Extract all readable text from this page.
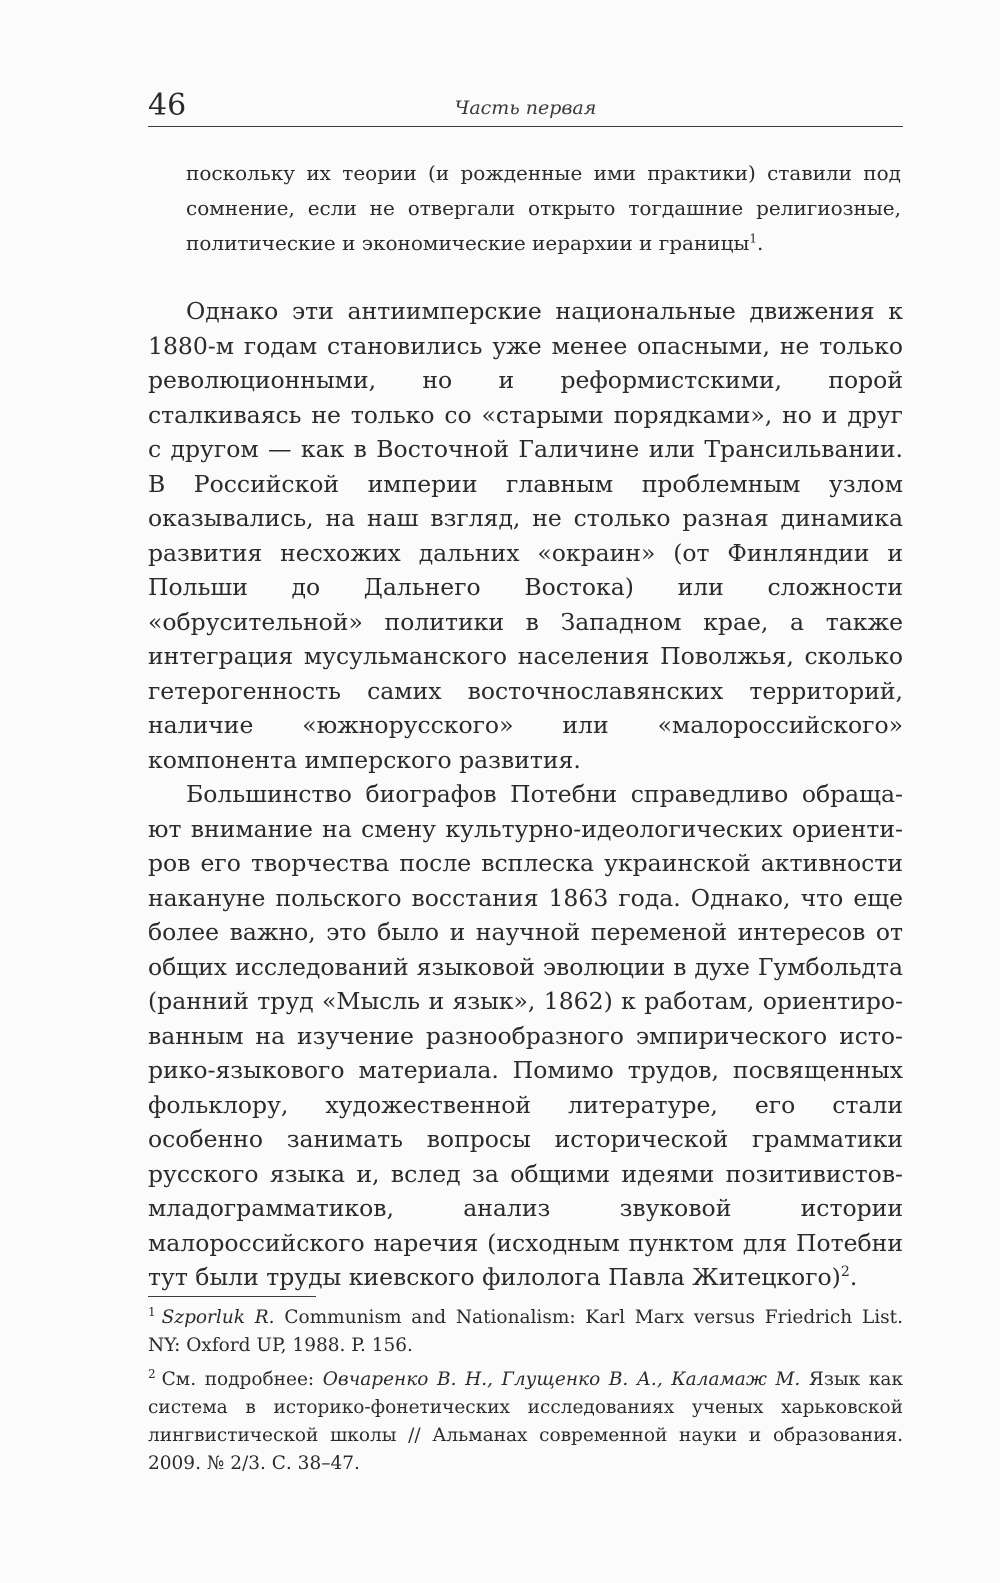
46	Часть первая
поскольку их теории (и рожденные ими практики) ставили под сомнение, если не отвергали открыто тогдашние религиозные, политические и экономические иерархии и границы$^1$.

Однако эти антиимперские национальные движения к 1880-м годам становились уже менее опасными, не только революционными, но и реформистскими, порой сталкиваясь не только со «старыми порядками», но и друг с другом — как в Восточной Галичине или Трансильвании. В Российской империи главным проблемным узлом оказывались, на наш взгляд, не столько разная динамика развития несхожих дальних «окраин» (от Финляндии и Польши до Дальнего Востока) или сложности «обрусительной» политики в Западном крае, а также интеграция мусульманского населения Поволжья, сколько гетерогенность самих восточнославянских территорий, наличие «южнорусского» или «малороссийского» компонента имперского развития.

Большинство биографов Потебни справедливо обращают внимание на смену культурно-идеологических ориентиров его творчества после всплеска украинской активности накануне польского восстания 1863 года. Однако, что еще более важно, это было и научной переменой интересов от общих исследований языковой эволюции в духе Гумбольдта (ранний труд «Мысль и язык», 1862) к работам, ориентированным на изучение разнообразного эмпирического историко-языкового материала. Помимо трудов, посвященных фольклору, художественной литературе, его стали особенно занимать вопросы исторической грамматики русского языка и, вслед за общими идеями позитивистов-младограмматиков, анализ звуковой истории малороссийского наречия (исходным пунктом для Потебни тут были труды киевского филолога Павла Житецкого)$^2$.

$^1$ Szporluk R. Communism and Nationalism: Karl Marx versus Friedrich List. NY: Oxford UP, 1988. P. 156.

$^2$ См. подробнее: Овчаренко В. Н., Глущенко В. А., Каламаж М. Язык как система в историко-фонетических исследованиях ученых харьковской лингвистической школы // Альманах современной науки и образования. 2009. № 2/3. С. 38–47.
